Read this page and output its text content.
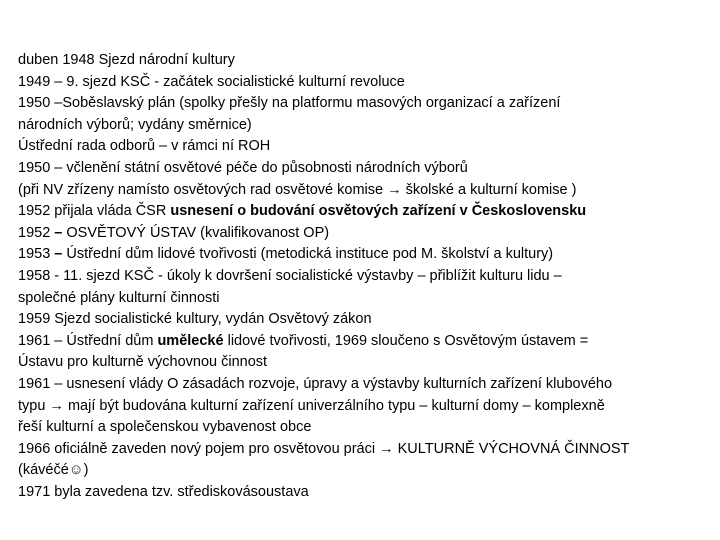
duben 1948 Sjezd národní kultury

1949 – 9. sjezd KSČ - začátek socialistické kulturní revoluce

1950 –Soběslavský plán (spolky přešly na platformu masových organizací a zařízení

národních výborů; vydány směrnice)

Ústřední rada odborů – v rámci ní ROH

1950 – včlenění státní osvětové péče do působnosti národních výborů

(při NV zřízeny namísto osvětových rad osvětové komise → školské a kulturní komise )

1952 přijala vláda ČSR usnesení o budování osvětových zařízení v Československu

1952 – OSVĚTOVÝ ÚSTAV (kvalifikovanost OP)

1953 – Ústřední dům lidové tvořivosti (metodická instituce pod M. školství a kultury)

1958 - 11. sjezd KSČ - úkoly k dovršení socialistické výstavby – přiblížit kulturu lidu –

společné plány kulturní činnosti

1959 Sjezd socialistické kultury, vydán Osvětový zákon

1961 – Ústřední dům umělecké lidové tvořivosti, 1969 sloučeno s Osvětovým ústavem =

Ústavu pro kulturně výchovnou činnost

1961 – usnesení vlády O zásadách rozvoje, úpravy a výstavby kulturních zařízení klubového

typu → mají být budována kulturní zařízení univerzálního typu – kulturní domy – komplexně

řeší kulturní a společenskou vybavenost obce

1966 oficiálně zaveden nový pojem pro osvětovou práci → KULTURNĚ VÝCHOVNÁ ČINNOST

(kávéčé☺)

1971 byla zavedena tzv. střediskovásoustava
